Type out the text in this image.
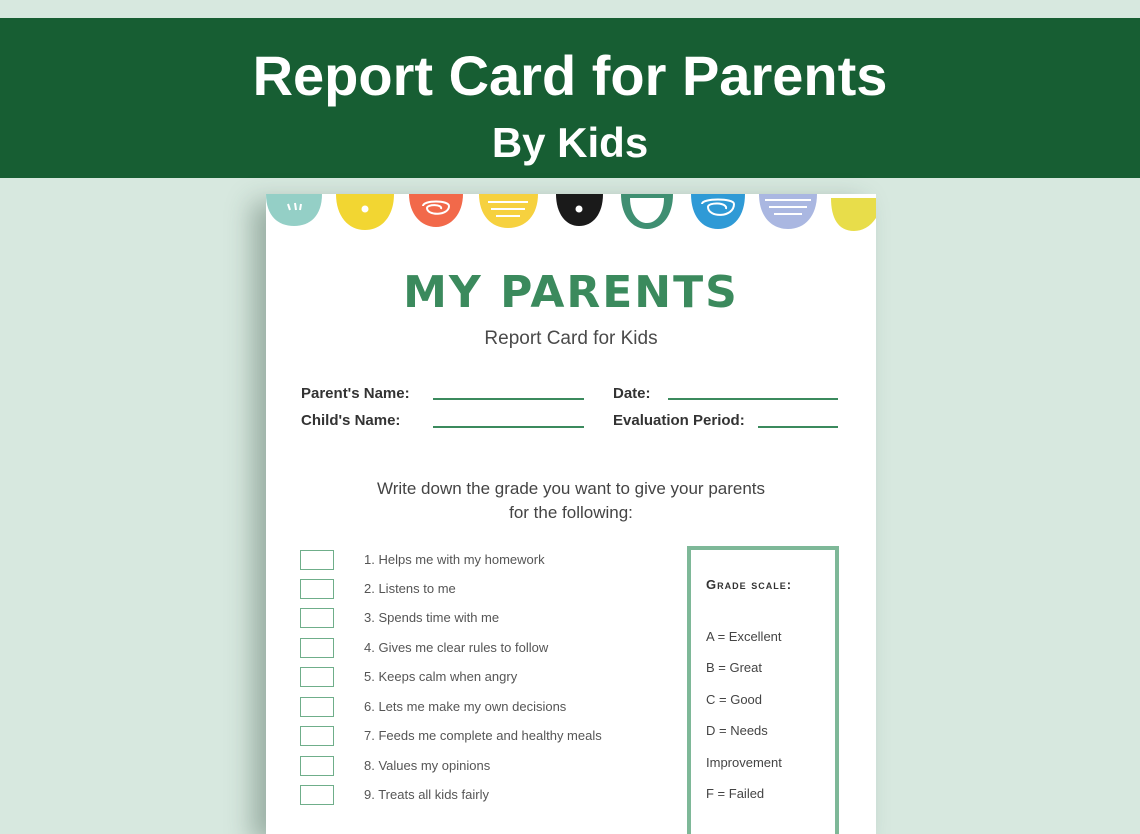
Report Card for Parents
By Kids
MY PARENTS
Report Card for Kids
Parent's Name:	Date:
Child's Name:	Evaluation Period:
Write down the grade you want to give your parents
for the following:
1. Helps me with my homework
2. Listens to me
3. Spends time with me
4. Gives me clear rules to follow
5. Keeps calm when angry
6. Lets me make my own decisions
7. Feeds me complete and healthy meals
8. Values my opinions
9. Treats all kids fairly
Grade scale:
A = Excellent
B = Great
C = Good
D = Needs
Improvement
F = Failed
